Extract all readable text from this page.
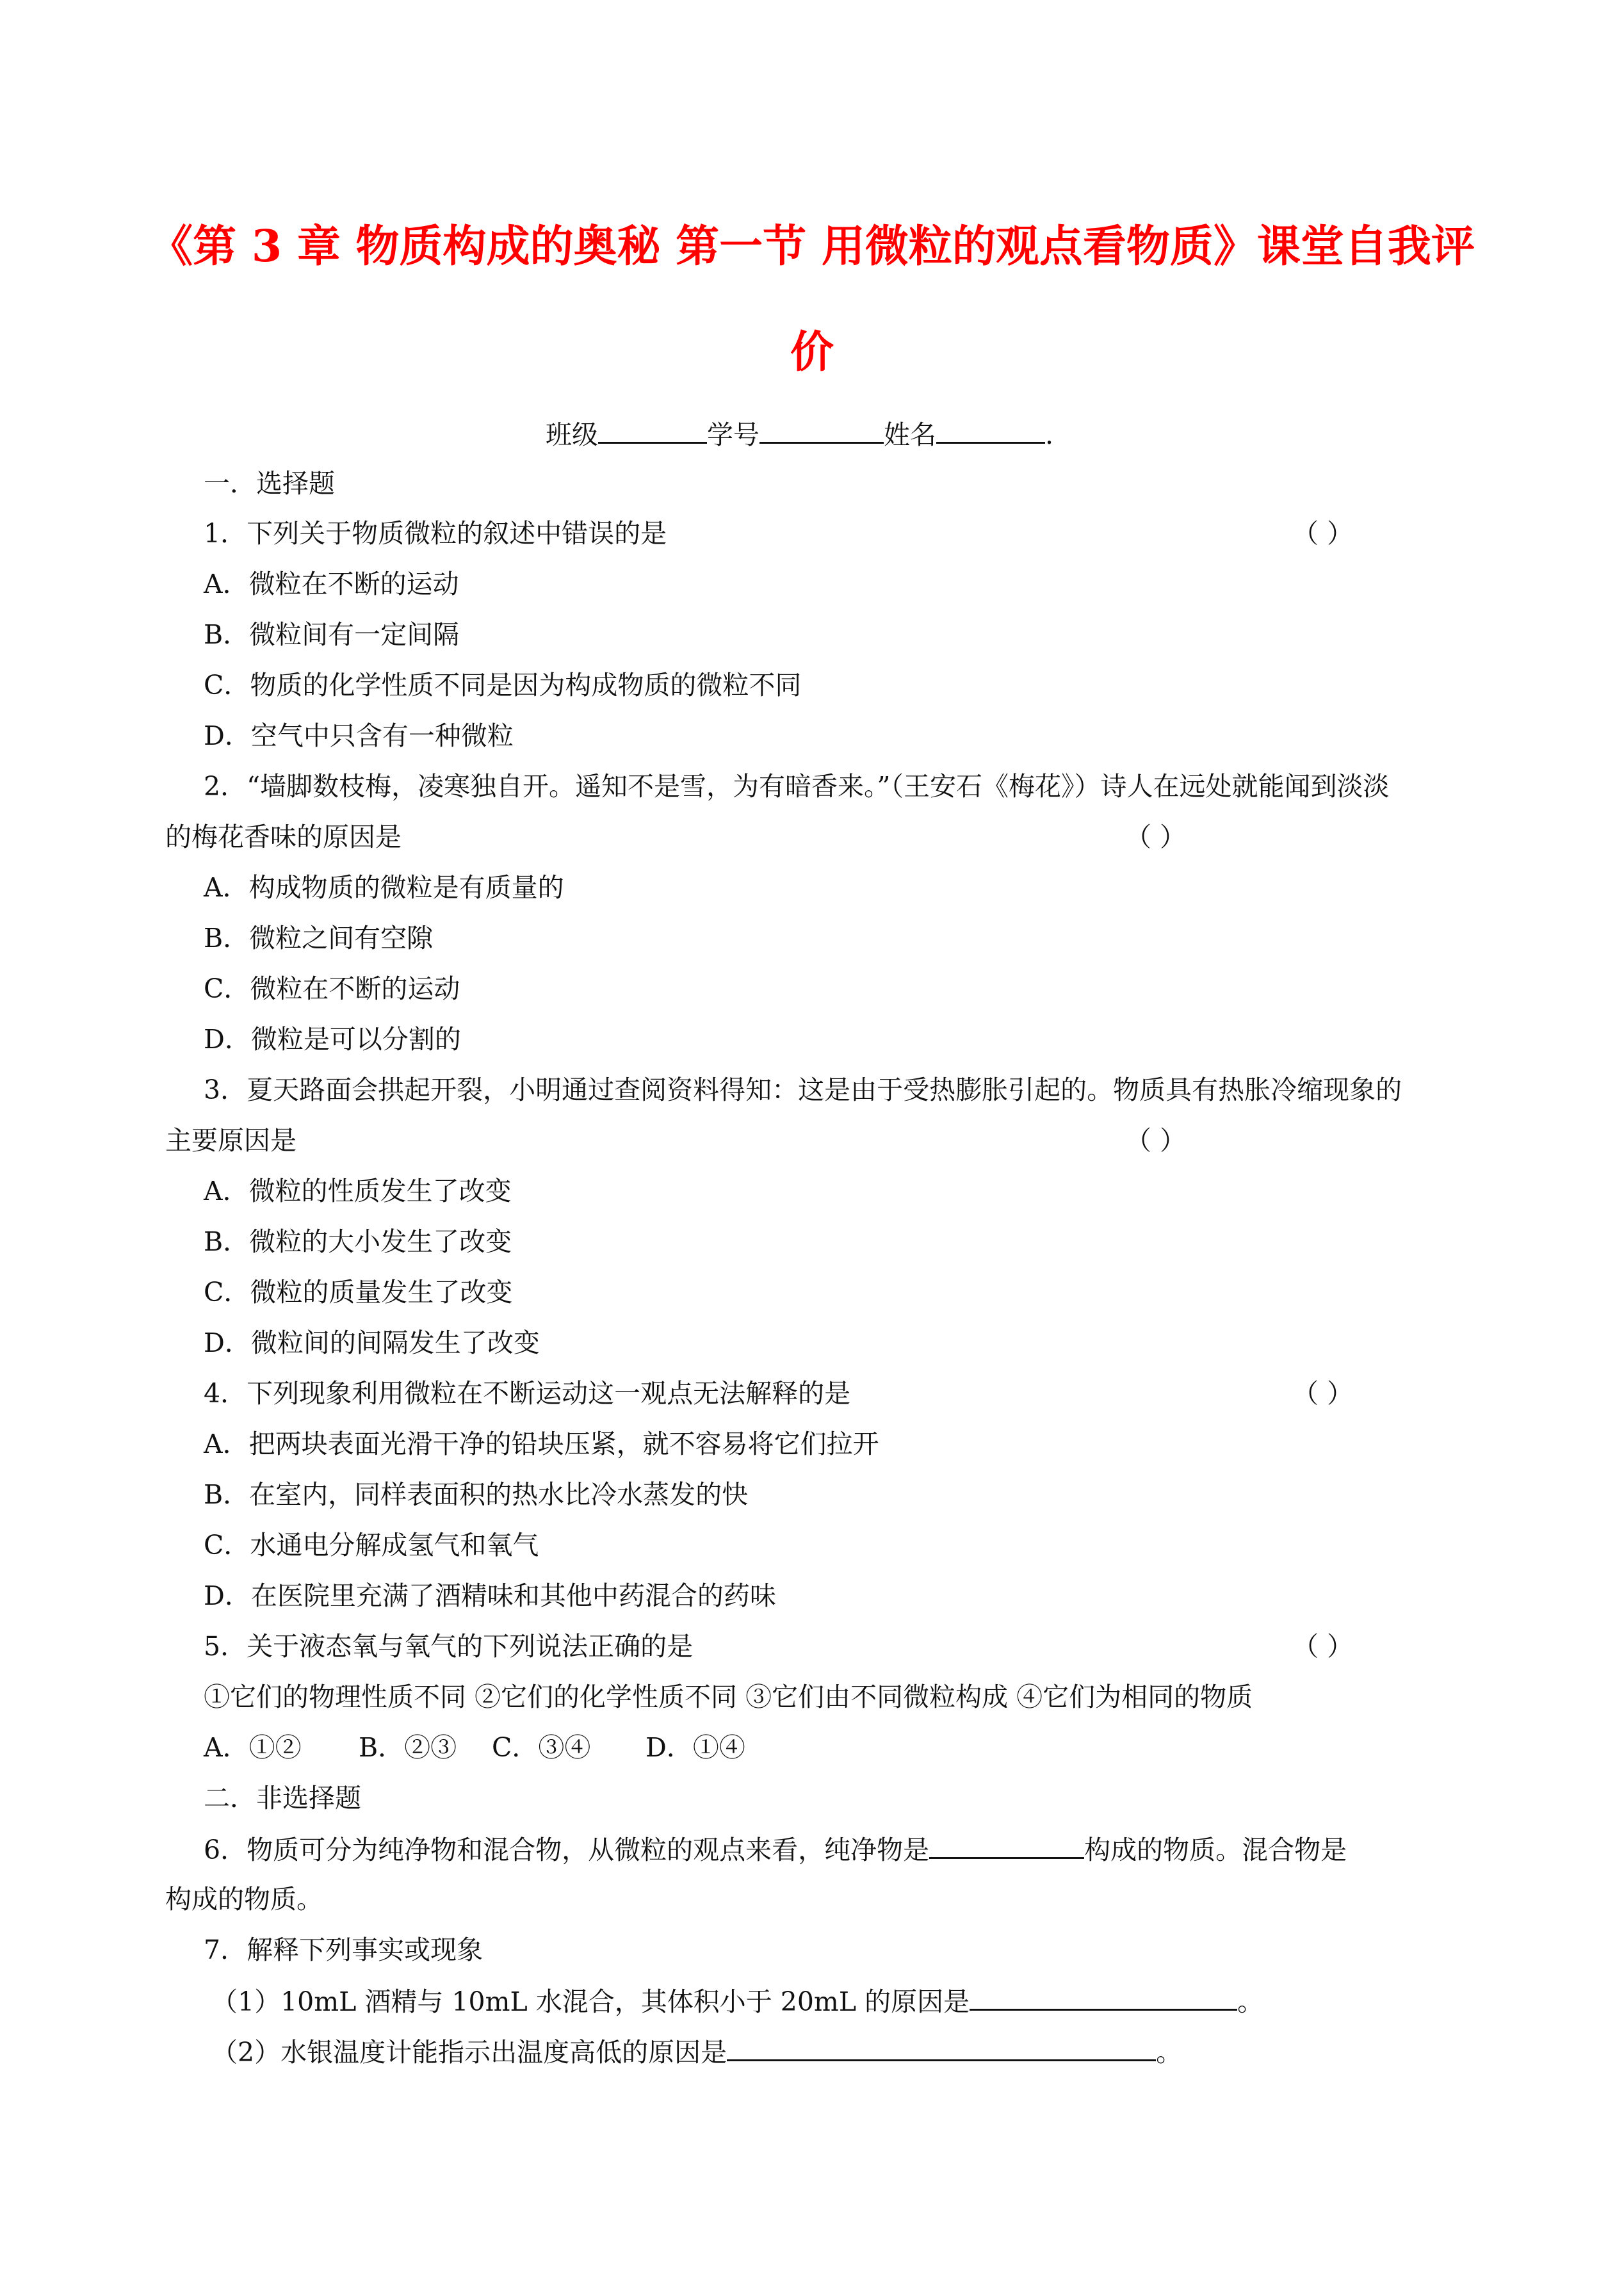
《第 3 章 物质构成的奥秘 第一节 用微粒的观点看物质》课堂自我评
价
班级	学号	姓名	.
一．选择题
1．下列关于物质微粒的叙述中错误的是	（ ）
A．微粒在不断的运动
B．微粒间有一定间隔
C．物质的化学性质不同是因为构成物质的微粒不同
D．空气中只含有一种微粒
2．“墙脚数枝梅，凌寒独自开。遥知不是雪，为有暗香来。”（王安石《梅花》）诗人在远处就能闻到淡淡
的梅花香味的原因是	（ ）
A．构成物质的微粒是有质量的
B．微粒之间有空隙
C．微粒在不断的运动
D．微粒是可以分割的
3．夏天路面会拱起开裂，小明通过查阅资料得知：这是由于受热膨胀引起的。物质具有热胀冷缩现象的
主要原因是	（ ）
A．微粒的性质发生了改变
B．微粒的大小发生了改变
C．微粒的质量发生了改变
D．微粒间的间隔发生了改变
4．下列现象利用微粒在不断运动这一观点无法解释的是	（ ）
A．把两块表面光滑干净的铅块压紧，就不容易将它们拉开
B．在室内，同样表面积的热水比冷水蒸发的快
C．水通电分解成氢气和氧气
D．在医院里充满了酒精味和其他中药混合的药味
5．关于液态氧与氧气的下列说法正确的是	（ ）
①它们的物理性质不同 ②它们的化学性质不同 ③它们由不同微粒构成 ④它们为相同的物质
A．①② B．②③ C．③④ D．①④
二．非选择题
6．物质可分为纯净物和混合物，从微粒的观点来看，纯净物是	构成的物质。混合物是
构成的物质。
7．解释下列事实或现象
（1）10mL 酒精与 10mL 水混合，其体积小于 20mL 的原因是	。
（2）水银温度计能指示出温度高低的原因是	。
